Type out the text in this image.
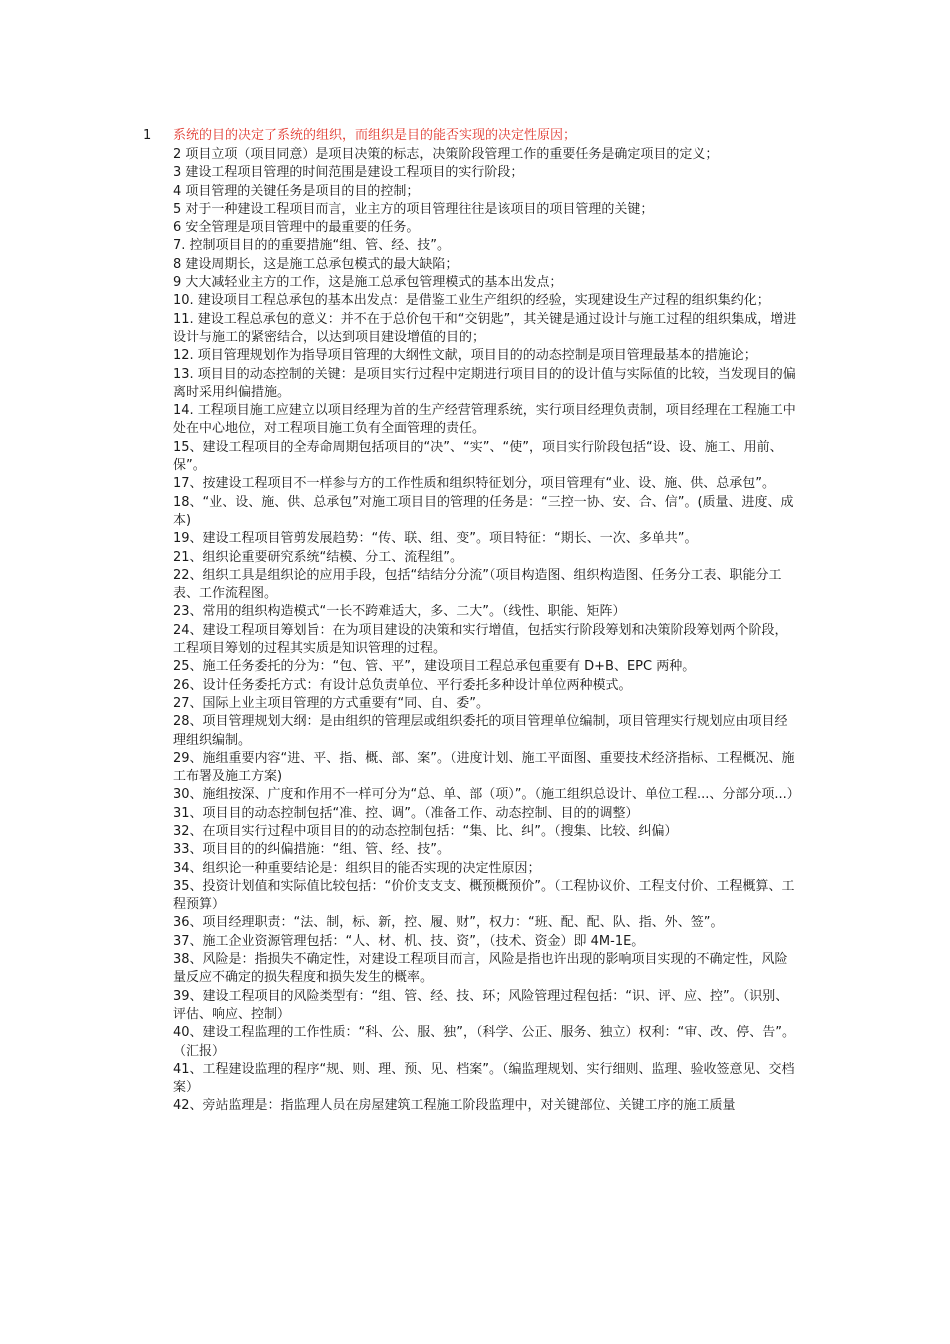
1 系统的目的决定了系统的组织，而组织是目的能否实现的决定性原因；

2 项目立项（项目同意）是项目决策的标志，决策阶段管理工作的重要任务是确定项目的定义；

3 建设工程项目管理的时间范围是建设工程项目的实行阶段；

4 项目管理的关键任务是项目的目的控制；

5 对于一种建设工程项目而言，业主方的项目管理往往是该项目的项目管理的关键；

6 安全管理是项目管理中的最重要的任务。

7. 控制项目目的的重要措施“组、管、经、技”。

8 建设周期长，这是施工总承包模式的最大缺陷；

9 大大减轻业主方的工作，这是施工总承包管理模式的基本出发点；

10. 建设项目工程总承包的基本出发点：是借鉴工业生产组织的经验，实现建设生产过程的组织集约化；

11. 建设工程总承包的意义：并不在于总价包干和“交钥匙”，其关键是通过设计与施工过程的组织集成，增进设计与施工的紧密结合，以达到项目建设增值的目的；

12. 项目管理规划作为指导项目管理的大纲性文献，项目目的的动态控制是项目管理最基本的措施论；

13. 项目目的动态控制的关键：是项目实行过程中定期进行项目目的的设计值与实际值的比较，当发现目的偏离时采用纠偏措施。

14. 工程项目施工应建立以项目经理为首的生产经营管理系统，实行项目经理负责制，项目经理在工程施工中处在中心地位，对工程项目施工负有全面管理的责任。

15、建设工程项目的全寿命周期包括项目的“决”、“实”、“使”，项目实行阶段包括“设、设、施工、用前、保”。

17、按建设工程项目不一样参与方的工作性质和组织特征划分，项目管理有“业、设、施、供、总承包”。

18、“业、设、施、供、总承包”对施工项目目的管理的任务是：“三控一协、安、合、信”。(质量、进度、成本)

19、建设工程项目管剪发展趋势：“传、联、组、变”。项目特征：“期长、一次、多单共”。

21、组织论重要研究系统“结模、分工、流程组”。

22、组织工具是组织论的应用手段，包括“结结分分流”（项目构造图、组织构造图、任务分工表、职能分工表、工作流程图。

23、常用的组织构造模式“一长不跨难适大，多、二大”。（线性、职能、矩阵）

24、建设工程项目筹划旨：在为项目建设的决策和实行增值，包括实行阶段筹划和决策阶段筹划两个阶段，工程项目筹划的过程其实质是知识管理的过程。

25、施工任务委托的分为：“包、管、平”，建设项目工程总承包重要有 D+B、EPC 两种。

26、设计任务委托方式：有设计总负责单位、平行委托多种设计单位两种模式。

27、国际上业主项目管理的方式重要有“同、自、委”。

28、项目管理规划大纲：是由组织的管理层或组织委托的项目管理单位编制，项目管理实行规划应由项目经理组织编制。

29、施组重要内容“进、平、指、概、部、案”。（进度计划、施工平面图、重要技术经济指标、工程概况、施工布署及施工方案)

30、施组按深、广度和作用不一样可分为“总、单、部（项）”。（施工组织总设计、单位工程...、分部分项...）

31、项目目的动态控制包括“准、控、调”。（准备工作、动态控制、目的的调整）

32、在项目实行过程中项目目的的动态控制包括：“集、比、纠”。（搜集、比较、纠偏）

33、项目目的的纠偏措施：“组、管、经、技”。

34、组织论一种重要结论是：组织目的能否实现的决定性原因；

35、投资计划值和实际值比较包括：“价价支支支、概预概预价”。（工程协议价、工程支付价、工程概算、工程预算）

36、项目经理职责：“法、制，标、新，控、履、财”，权力：“班、配、配、队、指、外、签”。

37、施工企业资源管理包括：“人、材、机、技、资”，（技术、资金）即 4M-1E。

38、风险是：指损失不确定性，对建设工程项目而言，风险是指也许出现的影响项目实现的不确定性，风险量反应不确定的损失程度和损失发生的概率。

39、建设工程项目的风险类型有：“组、管、经、技、环；风险管理过程包括：“识、评、应、控”。（识别、评估、响应、控制）

40、建设工程监理的工作性质：“科、公、服、独”，（科学、公正、服务、独立）权利：“审、改、停、告”。（汇报）

41、工程建设监理的程序“规、则、理、预、见、档案”。（编监理规划、实行细则、监理、验收签意见、交档案）

42、旁站监理是：指监理人员在房屋建筑工程施工阶段监理中，对关键部位、关键工序的施工质量
